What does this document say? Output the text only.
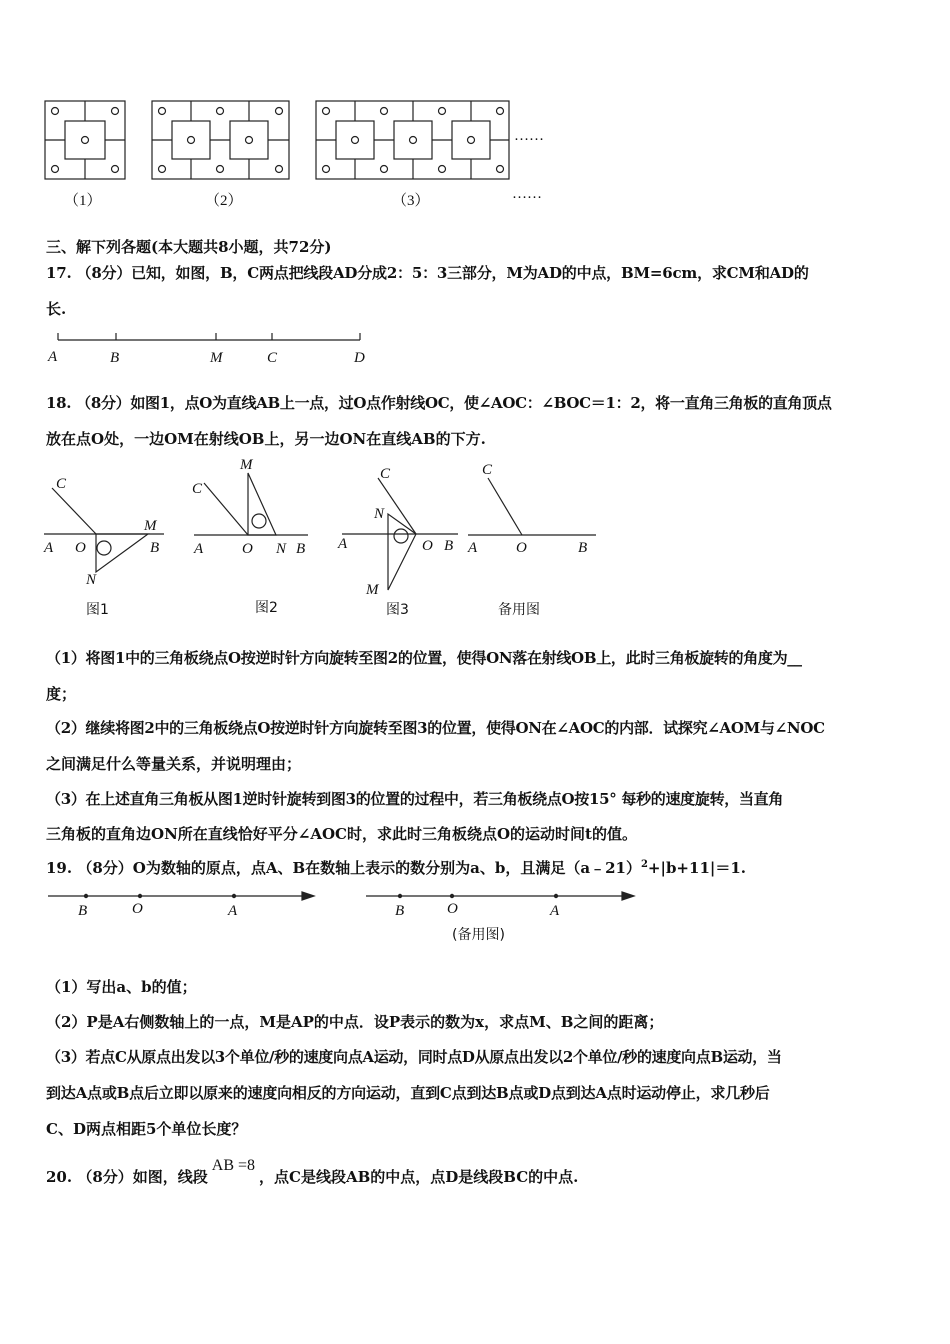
……
（1）	（2）	（3）	……
三、解下列各题(本大题共8小题，共72分)
17. （8分）已知，如图，B，C两点把线段AD分成2：5：3三部分，M为AD的中点，BM=6cm，求CM和AD的
长.
A	B	M	C	D
18. （8分）如图1，点O为直线AB上一点，过O点作射线OC，使∠AOC：∠BOC＝1：2，将一直角三角板的直角顶点
放在点O处，一边OM在射线OB上，另一边ON在直线AB的下方.
C
A O
M
B
N
M
C
A	O N B
C
N
A	O B
M
C
A	O	B
图1	图2	图3	备用图
（1）将图1中的三角板绕点O按逆时针方向旋转至图2的位置，使得ON落在射线OB上，此时三角板旋转的角度为__
度；
（2）继续将图2中的三角板绕点O按逆时针方向旋转至图3的位置，使得ON在∠AOC的内部．试探究∠AOM与∠NOC
之间满足什么等量关系，并说明理由；
（3）在上述直角三角板从图1逆时针旋转到图3的位置的过程中，若三角板绕点O按15° 每秒的速度旋转，当直角
三角板的直角边ON所在直线恰好平分∠AOC时，求此时三角板绕点O的运动时间t的值。
19. （8分）O为数轴的原点，点A、B在数轴上表示的数分别为a、b，且满足（a﹣21）$^2$+|b+11|＝1.
B	O	A	B	O	A
(备用图)
（1）写出a、b的值；
（2）P是A右侧数轴上的一点，M是AP的中点．设P表示的数为x，求点M、B之间的距离；
（3）若点C从原点出发以3个单位/秒的速度向点A运动，同时点D从原点出发以2个单位/秒的速度向点B运动，当
到达A点或B点后立即以原来的速度向相反的方向运动，直到C点到达B点或D点到达A点时运动停止，求几秒后
C、D两点相距5个单位长度？
20. （8分）如图，线段AB =8，点C是线段AB的中点，点D是线段BC的中点.
